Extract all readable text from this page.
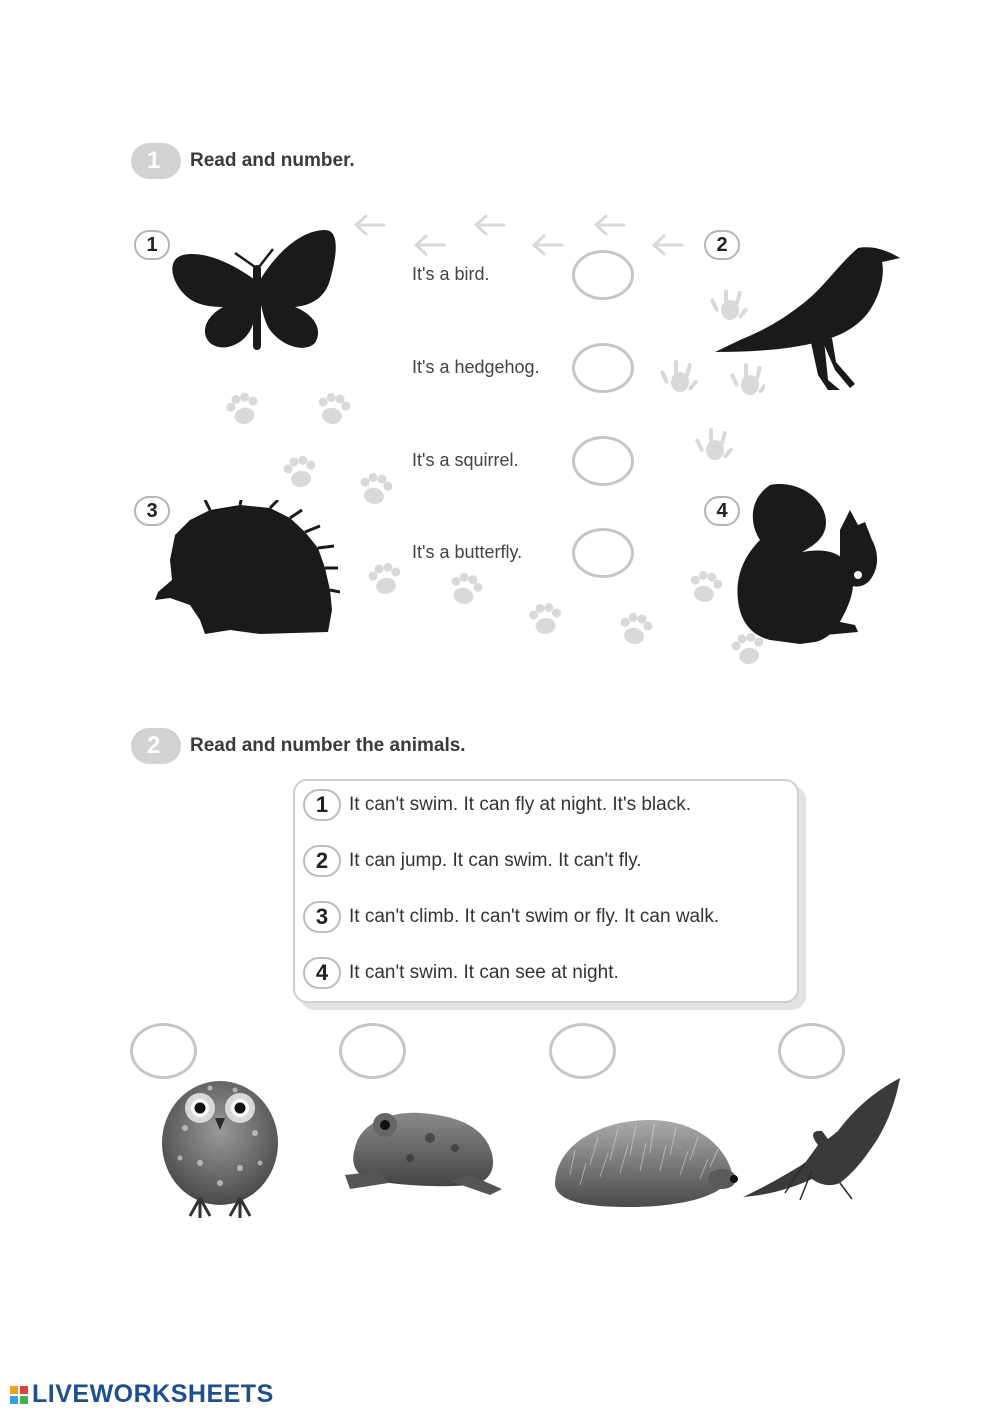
1 Read and number.
1	2
3	4
It's a bird.
It's a hedgehog.
It's a squirrel.
It's a butterfly.
2 Read and number the animals.
1	It can't swim. It can fly at night. It's black.
2	It can jump. It can swim. It can't fly.
3	It can't climb. It can't swim or fly. It can walk.
4	It can't swim. It can see at night.
LIVEWORKSHEETS
